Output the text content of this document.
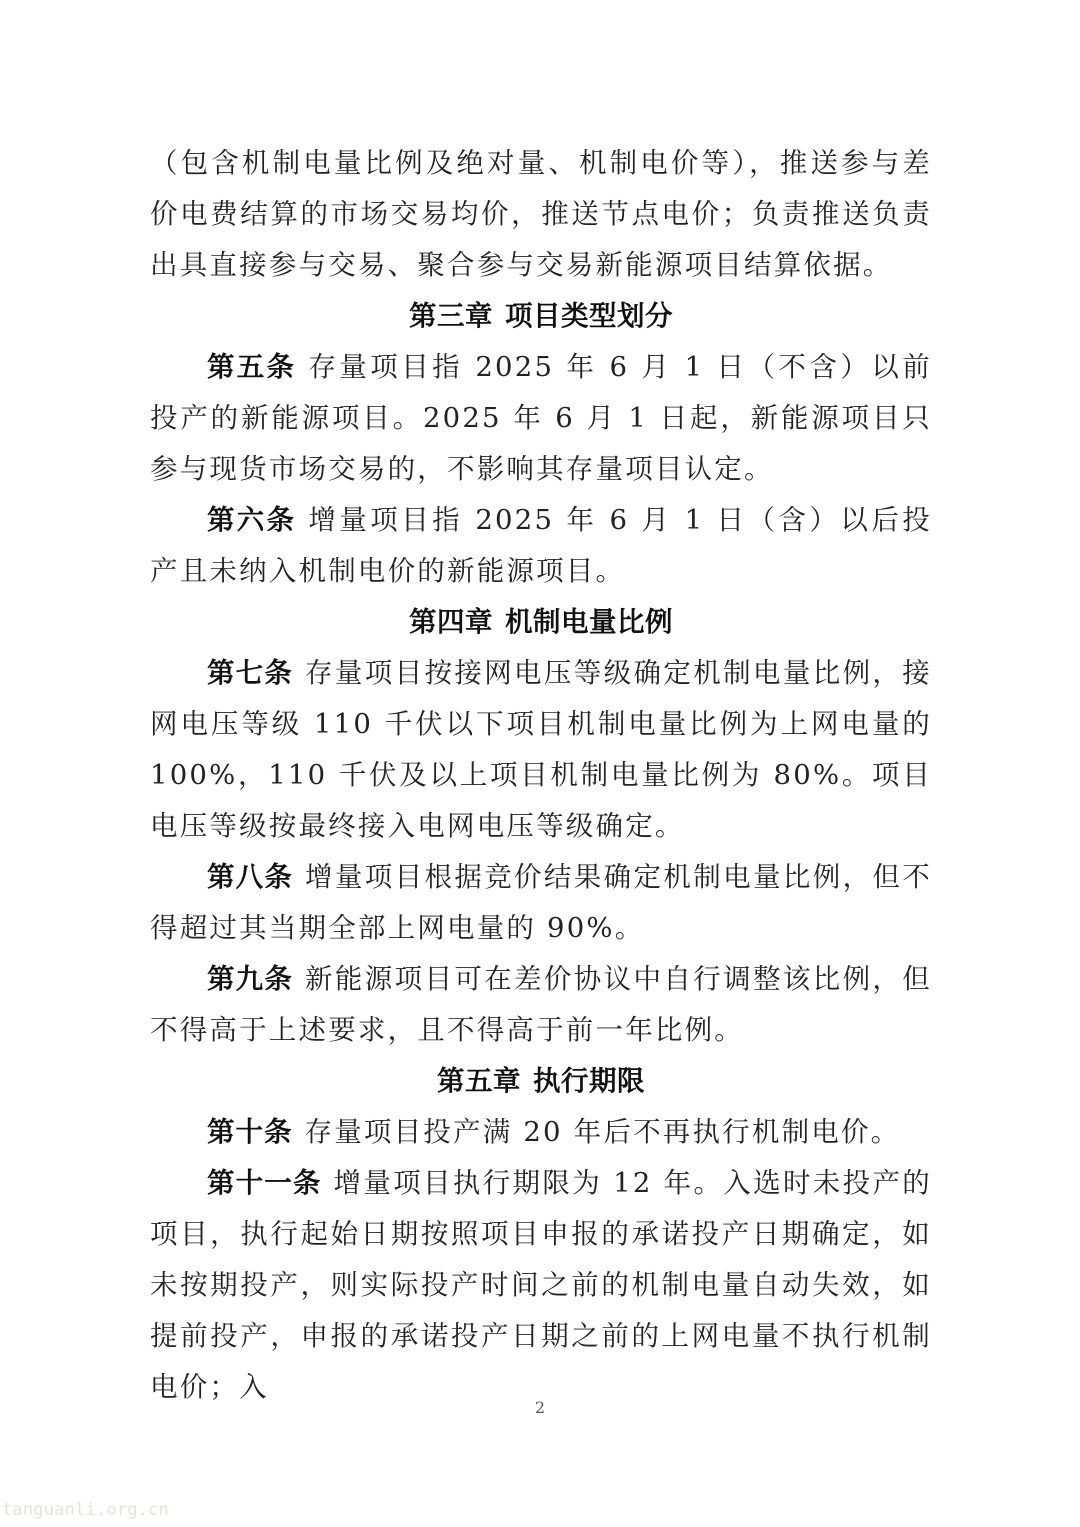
（包含机制电量比例及绝对量、机制电价等），推送参与差价电费结算的市场交易均价，推送节点电价；负责推送负责出具直接参与交易、聚合参与交易新能源项目结算依据。

第三章 项目类型划分

第五条 存量项目指 2025 年 6 月 1 日（不含）以前投产的新能源项目。2025 年 6 月 1 日起，新能源项目只参与现货市场交易的，不影响其存量项目认定。

第六条 增量项目指 2025 年 6 月 1 日（含）以后投产且未纳入机制电价的新能源项目。

第四章 机制电量比例

第七条 存量项目按接网电压等级确定机制电量比例，接网电压等级 110 千伏以下项目机制电量比例为上网电量的 100%，110 千伏及以上项目机制电量比例为 80%。项目电压等级按最终接入电网电压等级确定。

第八条 增量项目根据竞价结果确定机制电量比例，但不得超过其当期全部上网电量的 90%。

第九条 新能源项目可在差价协议中自行调整该比例，但不得高于上述要求，且不得高于前一年比例。

第五章 执行期限

第十条 存量项目投产满 20 年后不再执行机制电价。

第十一条 增量项目执行期限为 12 年。入选时未投产的项目，执行起始日期按照项目申报的承诺投产日期确定，如未按期投产，则实际投产时间之前的机制电量自动失效，如提前投产，申报的承诺投产日期之前的上网电量不执行机制电价；入

2
tanguanli.org.cn
